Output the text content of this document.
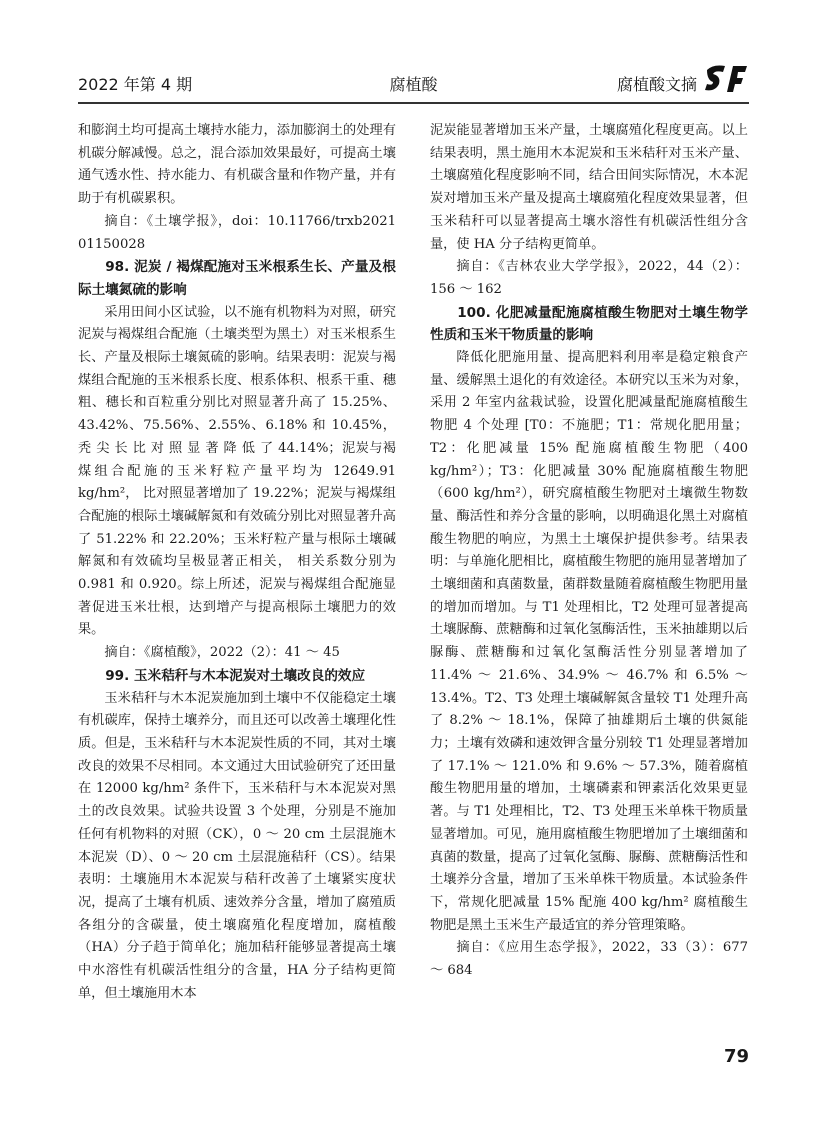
2022 年第 4 期	腐植酸	腐植酸文摘

和膨润土均可提高土壤持水能力，添加膨润土的处理有机碳分解减慢。总之，混合添加效果最好，可提高土壤通气透水性、持水能力、有机碳含量和作物产量，并有助于有机碳累积。

摘自：《土壤学报》，doi：10.11766/trxb2021 01150028

98. 泥炭 / 褐煤配施对玉米根系生长、产量及根际土壤氮硫的影响

采用田间小区试验，以不施有机物料为对照，研究泥炭与褐煤组合配施（土壤类型为黑土）对玉米根系生长、产量及根际土壤氮硫的影响。结果表明：泥炭与褐煤组合配施的玉米根系长度、根系体积、根系干重、穗粗、穗长和百粒重分别比对照显著升高了 15.25%、43.42%、75.56%、2.55%、6.18% 和 10.45%， 秃 尖 长 比 对 照 显 著 降 低 了 44.14%；泥炭与褐煤组合配施的玉米籽粒产量平均为 12649.91 kg/hm²， 比对照显著增加了 19.22%；泥炭与褐煤组合配施的根际土壤碱解氮和有效硫分别比对照显著升高了 51.22% 和 22.20%；玉米籽粒产量与根际土壤碱解氮和有效硫均呈极显著正相关， 相关系数分别为 0.981 和 0.920。综上所述，泥炭与褐煤组合配施显著促进玉米壮根，达到增产与提高根际土壤肥力的效果。

摘自：《腐植酸》，2022（2）：41 ～ 45

99. 玉米秸秆与木本泥炭对土壤改良的效应

玉米秸秆与木本泥炭施加到土壤中不仅能稳定土壤有机碳库，保持土壤养分，而且还可以改善土壤理化性质。但是，玉米秸秆与木本泥炭性质的不同，其对土壤改良的效果不尽相同。本文通过大田试验研究了还田量在 12000 kg/hm² 条件下，玉米秸秆与木本泥炭对黑土的改良效果。试验共设置 3 个处理，分别是不施加任何有机物料的对照（CK），0 ～ 20 cm 土层混施木本泥炭（D）、0 ～ 20 cm 土层混施秸秆（CS）。结果表明：土壤施用木本泥炭与秸秆改善了土壤紧实度状况，提高了土壤有机质、速效养分含量，增加了腐殖质各组分的含碳量，使土壤腐殖化程度增加，腐植酸（HA）分子趋于简单化；施加秸秆能够显著提高土壤中水溶性有机碳活性组分的含量，HA 分子结构更简单，但土壤施用木本

泥炭能显著增加玉米产量，土壤腐殖化程度更高。以上结果表明，黑土施用木本泥炭和玉米秸秆对玉米产量、土壤腐殖化程度影响不同，结合田间实际情况，木本泥炭对增加玉米产量及提高土壤腐殖化程度效果显著，但玉米秸秆可以显著提高土壤水溶性有机碳活性组分含量，使 HA 分子结构更简单。

摘自：《吉林农业大学学报》，2022，44（2）：156 ～ 162

100. 化肥减量配施腐植酸生物肥对土壤生物学性质和玉米干物质量的影响

降低化肥施用量、提高肥料利用率是稳定粮食产量、缓解黑土退化的有效途径。本研究以玉米为对象，采用 2 年室内盆栽试验，设置化肥减量配施腐植酸生物肥 4 个处理 [T0：不施肥；T1：常规化肥用量；T2：化肥减量 15% 配施腐植酸生物肥（400 kg/hm²）；T3：化肥减量 30% 配施腐植酸生物肥（600 kg/hm²），研究腐植酸生物肥对土壤微生物数量、酶活性和养分含量的影响，以明确退化黑土对腐植酸生物肥的响应，为黑土土壤保护提供参考。结果表明：与单施化肥相比，腐植酸生物肥的施用显著增加了土壤细菌和真菌数量，菌群数量随着腐植酸生物肥用量的增加而增加。与 T1 处理相比，T2 处理可显著提高土壤脲酶、蔗糖酶和过氧化氢酶活性，玉米抽雄期以后脲酶、蔗糖酶和过氧化氢酶活性分别显著增加了 11.4% ～ 21.6%、34.9% ～ 46.7% 和 6.5% ～ 13.4%。T2、T3 处理土壤碱解氮含量较 T1 处理升高了 8.2% ～ 18.1%，保障了抽雄期后土壤的供氮能力；土壤有效磷和速效钾含量分别较 T1 处理显著增加了 17.1% ～ 121.0% 和 9.6% ～ 57.3%，随着腐植酸生物肥用量的增加，土壤磷素和钾素活化效果更显著。与 T1 处理相比，T2、T3 处理玉米单株干物质量显著增加。可见，施用腐植酸生物肥增加了土壤细菌和真菌的数量，提高了过氧化氢酶、脲酶、蔗糖酶活性和土壤养分含量，增加了玉米单株干物质量。本试验条件下，常规化肥减量 15% 配施 400 kg/hm² 腐植酸生物肥是黑土玉米生产最适宜的养分管理策略。

摘自：《应用生态学报》，2022，33（3）：677 ～ 684

79
